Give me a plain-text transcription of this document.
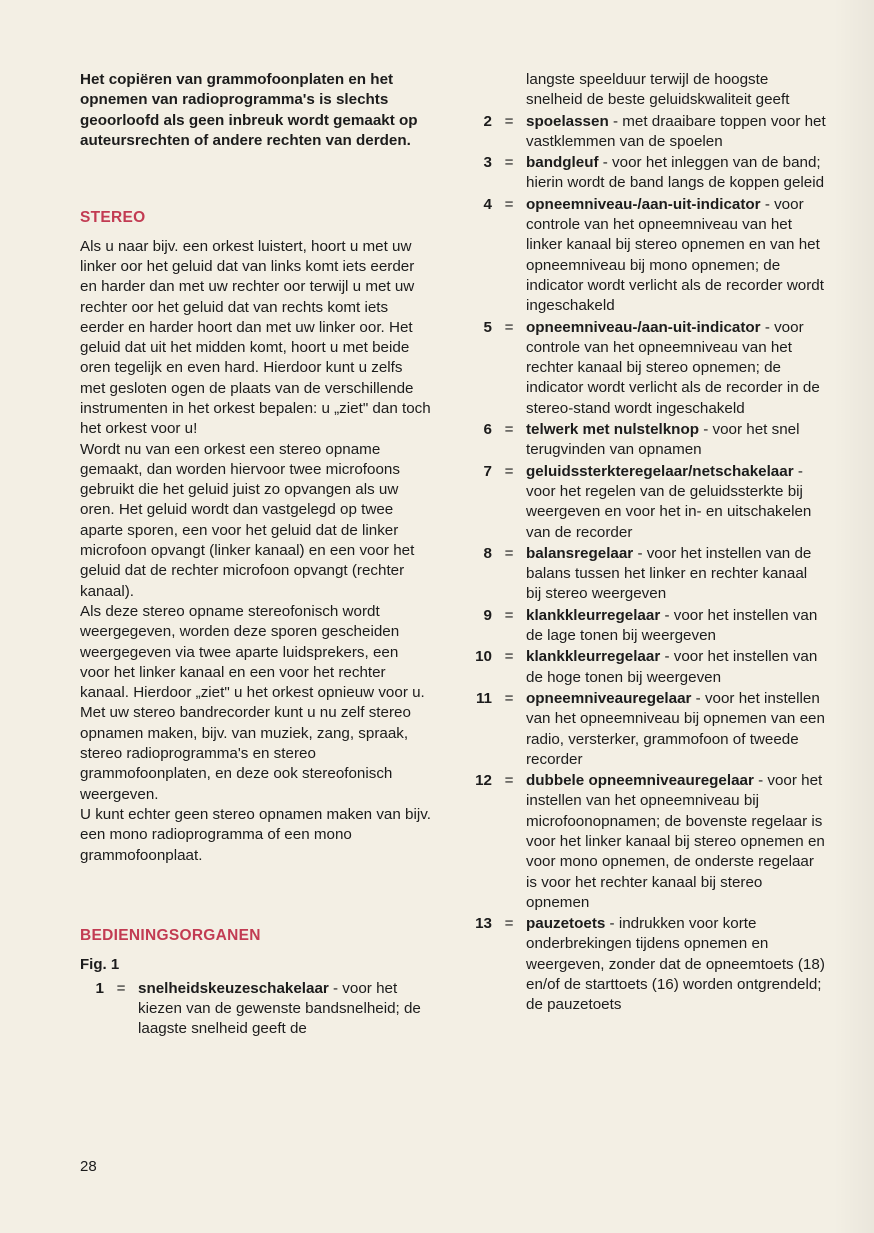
Het copiëren van grammofoonplaten en het opnemen van radioprogramma's is slechts geoorloofd als geen inbreuk wordt gemaakt op auteursrechten of andere rechten van derden.

STEREO

Als u naar bijv. een orkest luistert, hoort u met uw linker oor het geluid dat van links komt iets eerder en harder dan met uw rechter oor terwijl u met uw rechter oor het geluid dat van rechts komt iets eerder en harder hoort dan met uw linker oor. Het geluid dat uit het midden komt, hoort u met beide oren tegelijk en even hard. Hierdoor kunt u zelfs met gesloten ogen de plaats van de verschillende instrumenten in het orkest bepalen: u „ziet" dan toch het orkest voor u!

Wordt nu van een orkest een stereo opname gemaakt, dan worden hiervoor twee microfoons gebruikt die het geluid juist zo opvangen als uw oren. Het geluid wordt dan vastgelegd op twee aparte sporen, een voor het geluid dat de linker microfoon opvangt (linker kanaal) en een voor het geluid dat de rechter microfoon opvangt (rechter kanaal).

Als deze stereo opname stereofonisch wordt weergegeven, worden deze sporen gescheiden weergegeven via twee aparte luidsprekers, een voor het linker kanaal en een voor het rechter kanaal. Hierdoor „ziet" u het orkest opnieuw voor u.

Met uw stereo bandrecorder kunt u nu zelf stereo opnamen maken, bijv. van muziek, zang, spraak, stereo radioprogramma's en stereo grammofoonplaten, en deze ook stereofonisch weergeven.

U kunt echter geen stereo opnamen maken van bijv. een mono radioprogramma of een mono grammofoonplaat.

BEDIENINGSORGANEN

Fig. 1

1 = snelheidskeuzeschakelaar - voor het kiezen van de gewenste bandsnelheid; de laagste snelheid geeft de
langste speelduur terwijl de hoogste snelheid de beste geluidskwaliteit geeft
2 = spoelassen - met draaibare toppen voor het vastklemmen van de spoelen
3 = bandgleuf - voor het inleggen van de band; hierin wordt de band langs de koppen geleid
4 = opneemniveau-/aan-uit-indicator - voor controle van het opneemniveau van het linker kanaal bij stereo opnemen en van het opneemniveau bij mono opnemen; de indicator wordt verlicht als de recorder wordt ingeschakeld
5 = opneemniveau-/aan-uit-indicator - voor controle van het opneemniveau van het rechter kanaal bij stereo opnemen; de indicator wordt verlicht als de recorder in de stereo-stand wordt ingeschakeld
6 = telwerk met nulstelknop - voor het snel terugvinden van opnamen
7 = geluidssterkteregelaar/netschakelaar - voor het regelen van de geluidssterkte bij weergeven en voor het in- en uitschakelen van de recorder
8 = balansregelaar - voor het instellen van de balans tussen het linker en rechter kanaal bij stereo weergeven
9 = klankkleurregelaar - voor het instellen van de lage tonen bij weergeven
10 = klankkleurregelaar - voor het instellen van de hoge tonen bij weergeven
11 = opneemniveauregelaar - voor het instellen van het opneemniveau bij opnemen van een radio, versterker, grammofoon of tweede recorder
12 = dubbele opneemniveauregelaar - voor het instellen van het opneemniveau bij microfoonopnamen; de bovenste regelaar is voor het linker kanaal bij stereo opnemen en voor mono opnemen, de onderste regelaar is voor het rechter kanaal bij stereo opnemen
13 = pauzetoets - indrukken voor korte onderbrekingen tijdens opnemen en weergeven, zonder dat de opneemtoets (18) en/of de starttoets (16) worden ontgrendeld; de pauzetoets
28
